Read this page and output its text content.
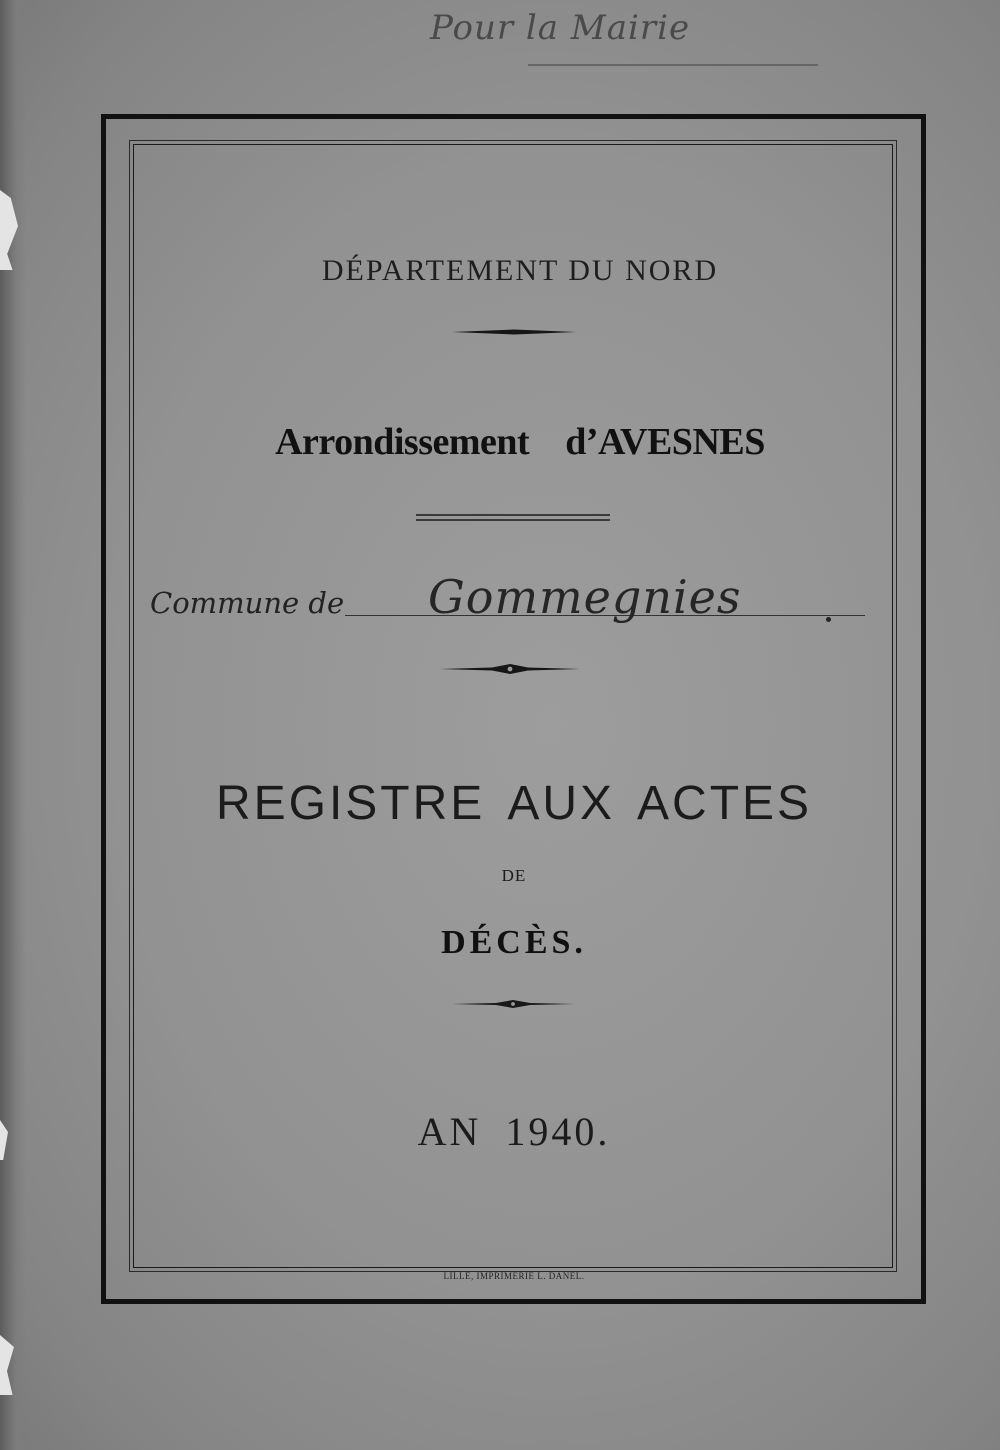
Pour la Mairie
DÉPARTEMENT DU NORD
Arrondissement d’AVESNES
Commune de Gommegnies
REGISTRE AUX ACTES
DE
DÉCÈS.
AN 1940.
LILLE, IMPRIMERIE L. DANEL.
